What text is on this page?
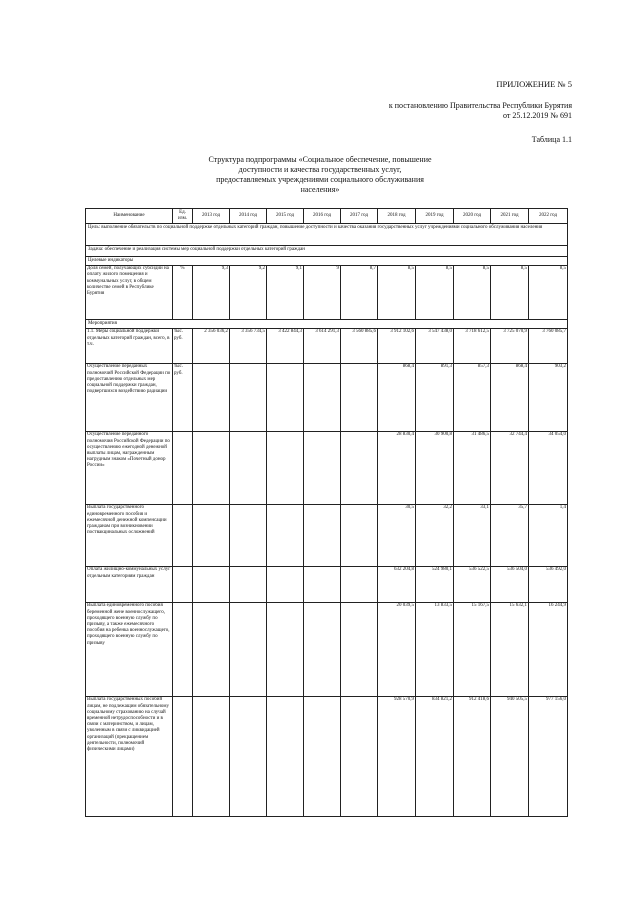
ПРИЛОЖЕНИЕ № 5
к постановлению Правительства Республики Бурятия
от 25.12.2019 № 691
Таблица 1.1
Структура подпрограммы «Социальное обеспечение, повышение
доступности и качества государственных услуг,
предоставляемых учреждениями социального обслуживания
населения»
Наименование	Ед. изм.	2013 год	2014 год	2015 год	2016 год	2017 год	2018 год	2019 год	2020 год	2021 год	2022 год
Цель: выполнение обязательств по социальной поддержке отдельных категорий граждан, повышение доступности и качества оказания государственных услуг учреждениями социального обслуживания населения											
Задача: обеспечение и реализация системы мер социальной поддержки отдельных категорий граждан											
Целевые индикаторы											
Доля семей, получающих субсидии на оплату жилого помещения и коммунальных услуг, в общем количестве семей в Республике Бурятия	%	9,3	9,2	9,1	9	8,7	8,5	8,5	8,5	8,5	8,5
Мероприятия											
1.1. Меры социальной поддержки отдельных категорий граждан, всего, в т.ч.	тыс. руб.	2 356 036,2	3 356 734,5	3 422 844,3	3 614 291,3	3 560 885,6	3 912 102,6	3 547 438,0	3 718 612,5	3 725 070,9	3 760 085,7
Осуществление переданных полномочий Российской Федерации по предоставлению отдельных мер социальной поддержки граждан, подвергшихся воздействию радиации	тыс. руб.						868,4	891,3	857,3	868,4	903,2
Осуществление переданного полномочия Российской Федерации по осуществлению ежегодной денежной выплаты лицам, награжденным нагрудным знаком «Почетный донор России»							28 830,4	30 900,8	31 486,5	32 744,4	34 054,0
Выплата государственного единовременного пособия и ежемесячной денежной компенсации гражданам при возникновении поствакцинальных осложнений							30,5	32,2	33,1	35,7	1,4
Оплата жилищно-коммунальных услуг отдельным категориям граждан							632 204,8	524 980,1	536 522,5	536 504,0	536 492,0
Выплата единовременного пособия беременной жене военнослужащего, проходящего военную службу по призыву, а также ежемесячного пособия на ребенка военнослужащего, проходящего военную службу по призыву							20 039,5	13 833,5	15 167,5	15 632,1	16 244,9
Выплата государственных пособий лицам, не подлежащим обязательному социальному страхованию на случай временной нетрудоспособности и в связи с материнством, и лицам, уволенным в связи с ликвидацией организаций (прекращением деятельности, полномочий физическими лицами)							928 570,9	834 821,2	912 418,6	940 505,5	977 156,0
